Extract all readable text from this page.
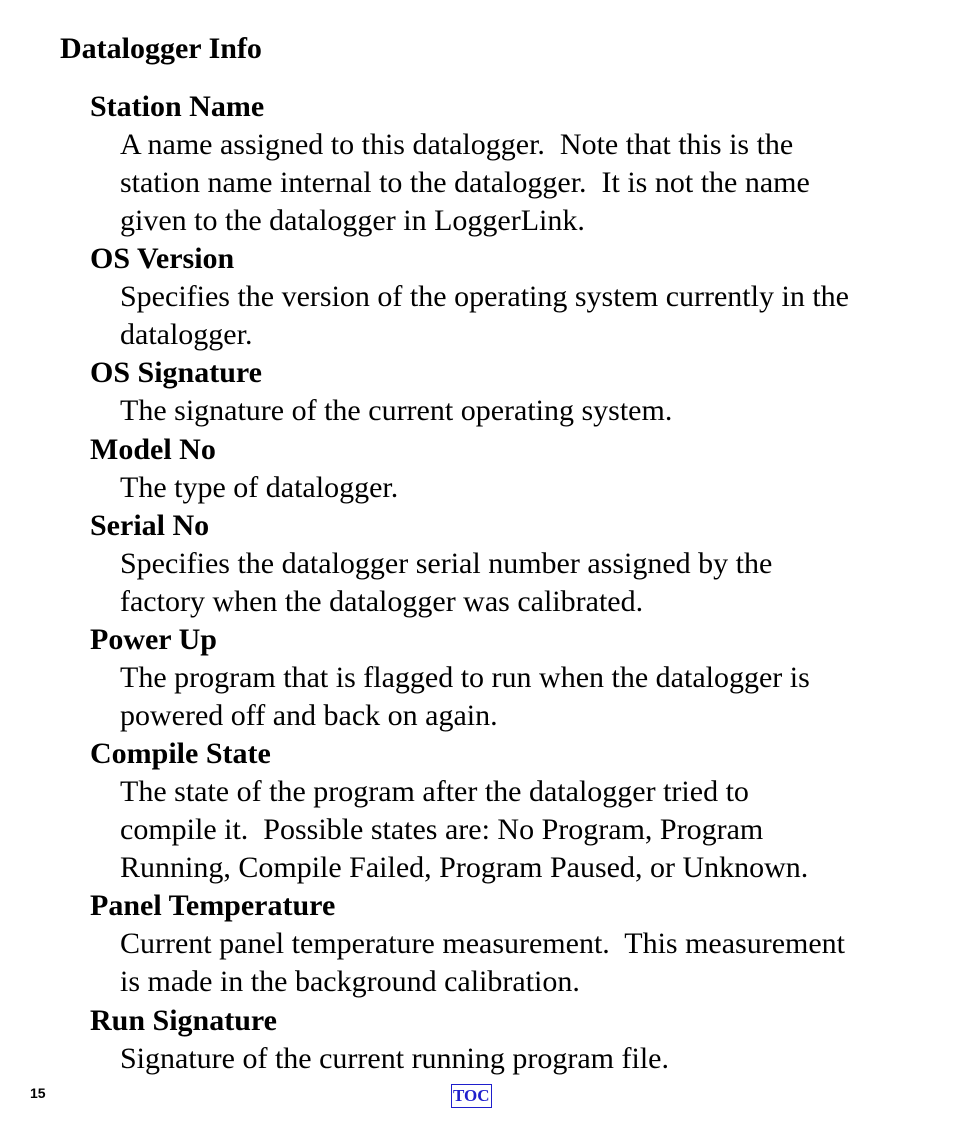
Datalogger Info
Station Name
A name assigned to this datalogger.  Note that this is the
station name internal to the datalogger.  It is not the name
given to the datalogger in LoggerLink.
OS Version
Specifies the version of the operating system currently in the
datalogger.
OS Signature
The signature of the current operating system.
Model No
The type of datalogger.
Serial No
Specifies the datalogger serial number assigned by the
factory when the datalogger was calibrated.
Power Up
The program that is flagged to run when the datalogger is
powered off and back on again.
Compile State
The state of the program after the datalogger tried to
compile it.  Possible states are: No Program, Program
Running, Compile Failed, Program Paused, or Unknown.
Panel Temperature
Current panel temperature measurement.  This measurement
is made in the background calibration.
Run Signature
Signature of the current running program file.
15	TOC
